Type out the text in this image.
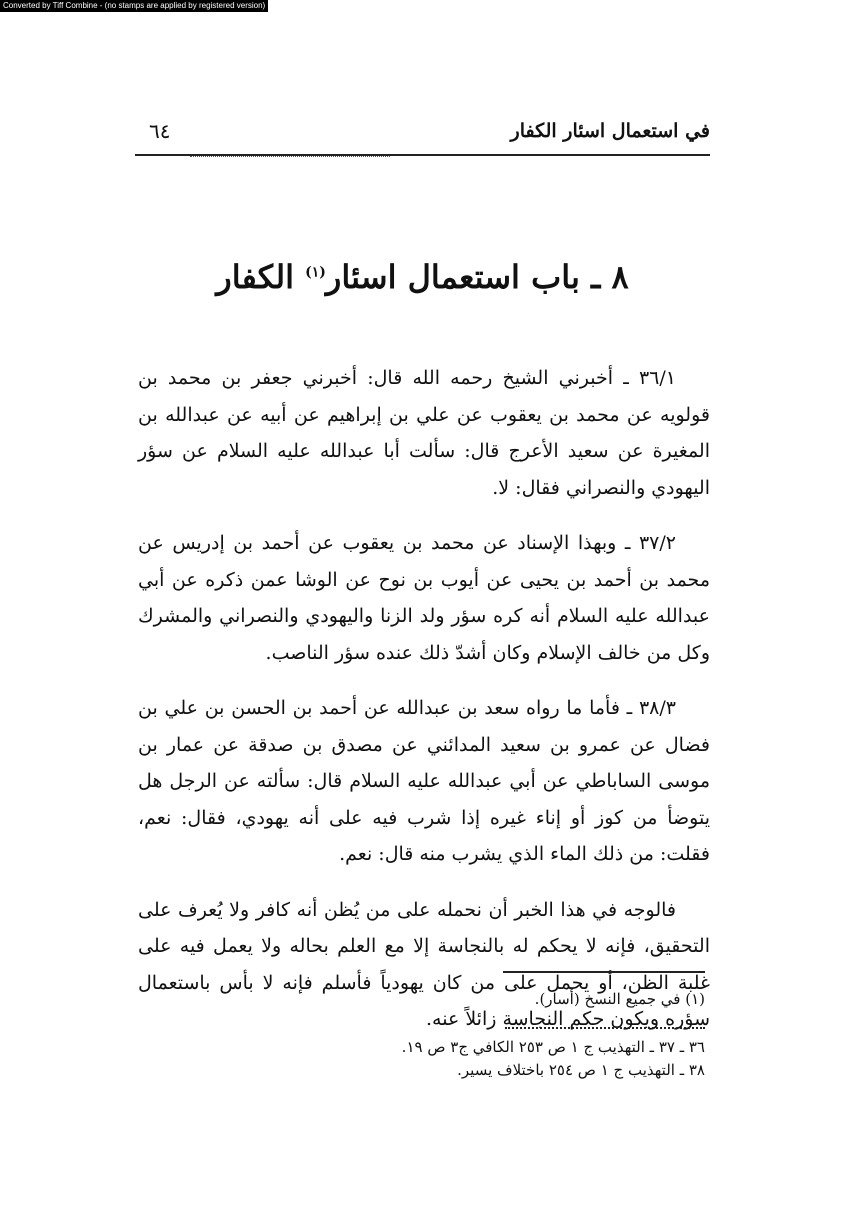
Converted by Tiff Combine - (no stamps are applied by registered version)
في استعمال اسئار الكفار
٦٤
٨ ـ باب استعمال اسئار$^{(١)}$ الكفار

٣٦/١ ـ أخبرني الشيخ رحمه الله قال: أخبرني جعفر بن محمد بن قولويه عن محمد بن يعقوب عن علي بن إبراهيم عن أبيه عن عبدالله بن المغيرة عن سعيد الأعرج قال: سألت أبا عبدالله عليه السلام عن سؤر اليهودي والنصراني فقال: لا.

٣٧/٢ ـ وبهذا الإسناد عن محمد بن يعقوب عن أحمد بن إدريس عن محمد بن أحمد بن يحيى عن أيوب بن نوح عن الوشا عمن ذكره عن أبي عبدالله عليه السلام أنه كره سؤر ولد الزنا واليهودي والنصراني والمشرك وكل من خالف الإسلام وكان أشدّ ذلك عنده سؤر الناصب.

٣٨/٣ ـ فأما ما رواه سعد بن عبدالله عن أحمد بن الحسن بن علي بن فضال عن عمرو بن سعيد المدائني عن مصدق بن صدقة عن عمار بن موسى الساباطي عن أبي عبدالله عليه السلام قال: سألته عن الرجل هل يتوضأ من كوز أو إناء غيره إذا شرب فيه على أنه يهودي، فقال: نعم، فقلت: من ذلك الماء الذي يشرب منه قال: نعم.

فالوجه في هذا الخبر أن نحمله على من يُظن أنه كافر ولا يُعرف على التحقيق، فإنه لا يحكم له بالنجاسة إلا مع العلم بحاله ولا يعمل فيه على غلبة الظن، أو يحمل على من كان يهودياً فأسلم فإنه لا بأس باستعمال سؤره ويكون حكم النجاسة زائلاً عنه.

(١) في جميع النسخ (أسار).
٣٦ ـ ٣٧ ـ التهذيب ج ١ ص ٢٥٣ الكافي ج٣ ص ١٩.
٣٨ ـ التهذيب ج ١ ص ٢٥٤ باختلاف يسير.
